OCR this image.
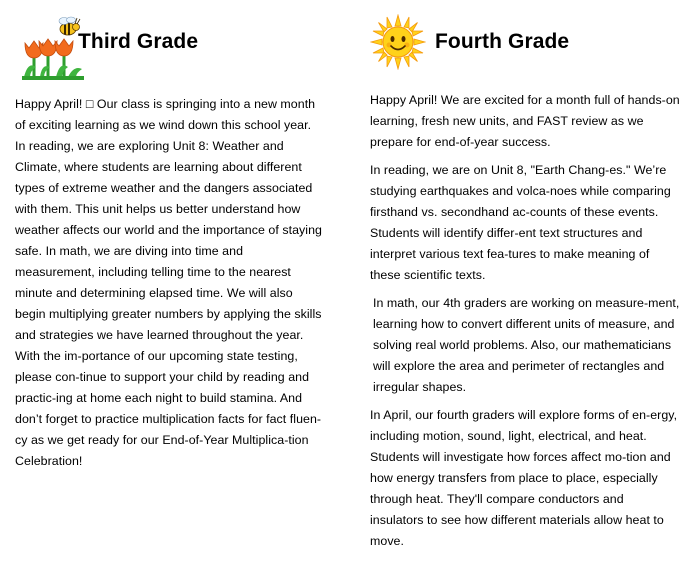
Third Grade

Happy April! □ Our class is springing into a new month of exciting learning as we wind down this school year. In reading, we are exploring Unit 8: Weather and Climate, where students are learning about different types of extreme weather and the dangers associated with them. This unit helps us better understand how weather affects our world and the importance of staying safe. In math, we are diving into time and measurement, including telling time to the nearest minute and determining elapsed time. We will also begin multiplying greater numbers by applying the skills and strategies we have learned throughout the year. With the im-portance of our upcoming state testing, please con-tinue to support your child by reading and practic-ing at home each night to build stamina. And don’t forget to practice multiplication facts for fact fluen-cy as we get ready for our End-of-Year Multiplica-tion Celebration!

Fourth Grade

Happy April! We are excited for a month full of hands-on learning, fresh new units, and FAST review as we prepare for end-of-year success.

In reading, we are on Unit 8, "Earth Chang-es." We’re studying earthquakes and volca-noes while comparing firsthand vs. secondhand ac-counts of these events. Students will identify differ-ent text structures and interpret various text fea-tures to make meaning of these scientific texts.

In math, our 4th graders are working on measure-ment, learning how to convert different units of measure, and solving real world problems. Also, our mathematicians will explore the area and perimeter of rectangles and irregular shapes.

In April, our fourth graders will explore forms of en-ergy, including motion, sound, light, electrical, and heat. Students will investigate how forces affect mo-tion and how energy transfers from place to place, especially through heat. They'll compare conductors and insulators to see how different materials allow heat to move.
